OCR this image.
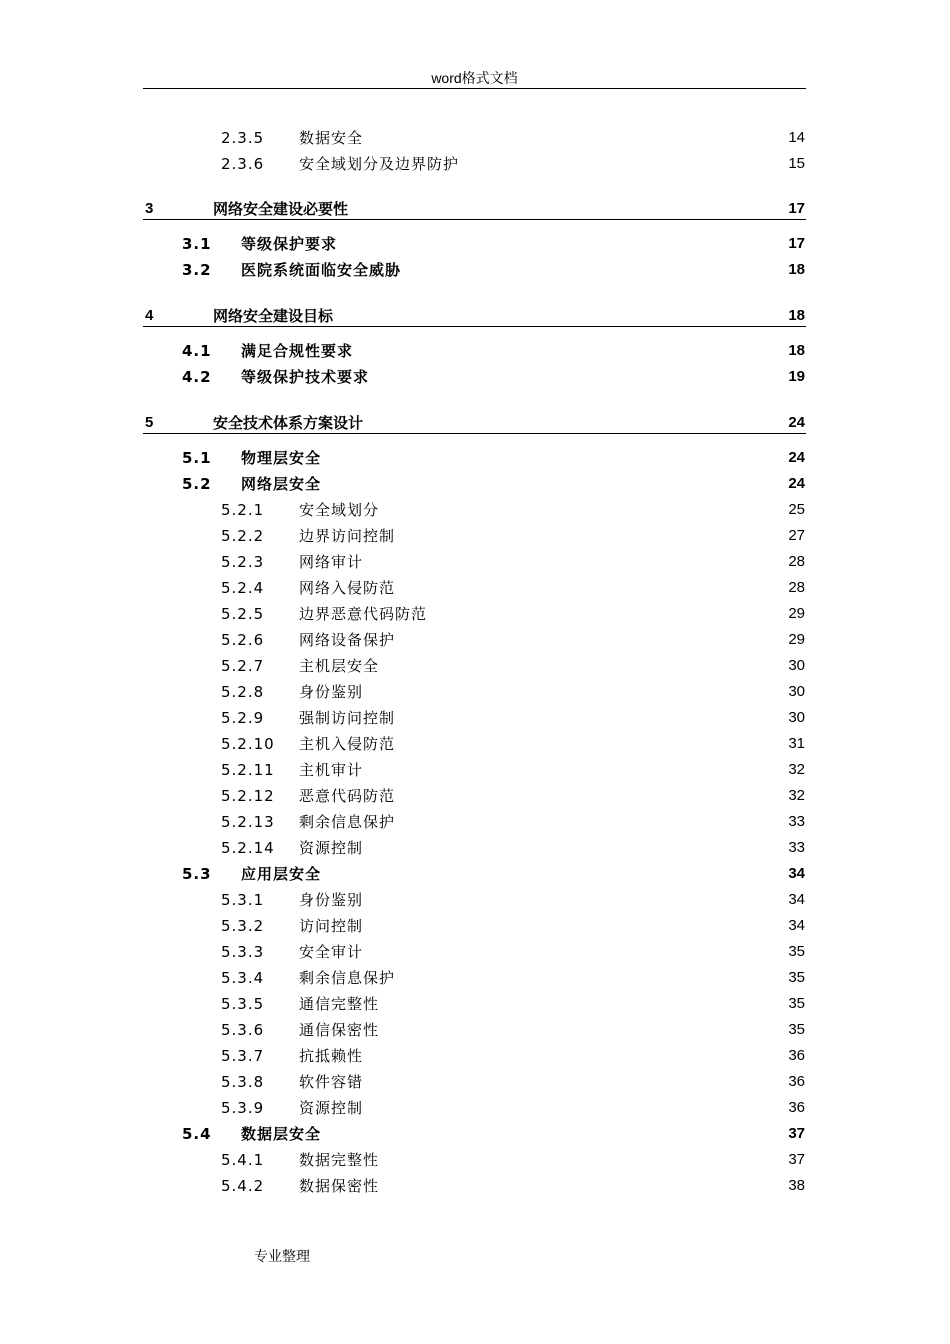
word格式文档
2.3.5 数据安全	14
2.3.6 安全域划分及边界防护	15
3	网络安全建设必要性	17
3.1 等级保护要求	17
3.2 医院系统面临安全威胁	18
4	网络安全建设目标	18
4.1 满足合规性要求	18
4.2 等级保护技术要求	19
5	安全技术体系方案设计	24
5.1 物理层安全	24
5.2 网络层安全	24
5.2.1 安全域划分	25
5.2.2 边界访问控制	27
5.2.3 网络审计	28
5.2.4 网络入侵防范	28
5.2.5 边界恶意代码防范	29
5.2.6 网络设备保护	29
5.2.7 主机层安全	30
5.2.8 身份鉴别	30
5.2.9 强制访问控制	30
5.2.10 主机入侵防范	31
5.2.11 主机审计	32
5.2.12 恶意代码防范	32
5.2.13 剩余信息保护	33
5.2.14 资源控制	33
5.3 应用层安全	34
5.3.1 身份鉴别	34
5.3.2 访问控制	34
5.3.3 安全审计	35
5.3.4 剩余信息保护	35
5.3.5 通信完整性	35
5.3.6 通信保密性	35
5.3.7 抗抵赖性	36
5.3.8 软件容错	36
5.3.9 资源控制	36
5.4 数据层安全	37
5.4.1 数据完整性	37
5.4.2 数据保密性	38
专业整理
